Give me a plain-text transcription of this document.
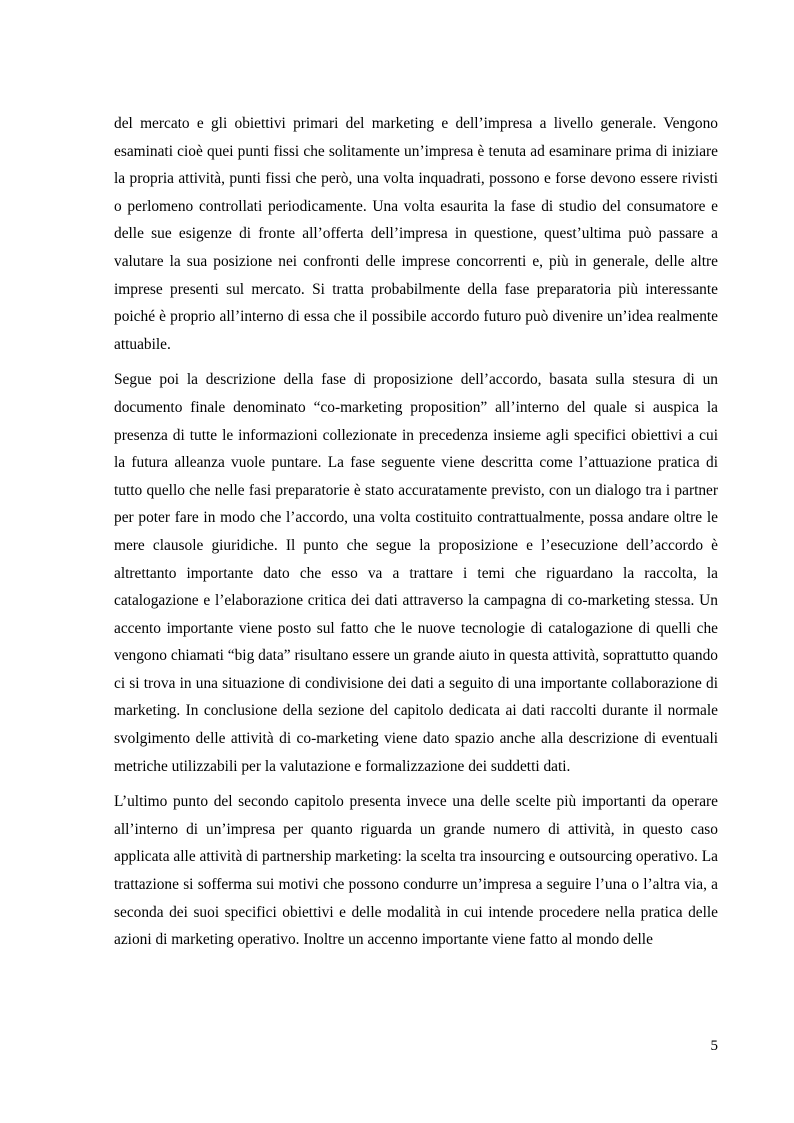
del mercato e gli obiettivi primari del marketing e dell’impresa a livello generale. Vengono esaminati cioè quei punti fissi che solitamente un’impresa è tenuta ad esaminare prima di iniziare la propria attività, punti fissi che però, una volta inquadrati, possono e forse devono essere rivisti o perlomeno controllati periodicamente. Una volta esaurita la fase di studio del consumatore e delle sue esigenze di fronte all’offerta dell’impresa in questione, quest’ultima può passare a valutare la sua posizione nei confronti delle imprese concorrenti e, più in generale, delle altre imprese presenti sul mercato. Si tratta probabilmente della fase preparatoria più interessante poiché è proprio all’interno di essa che il possibile accordo futuro può divenire un’idea realmente attuabile.

Segue poi la descrizione della fase di proposizione dell’accordo, basata sulla stesura di un documento finale denominato “co-marketing proposition” all’interno del quale si auspica la presenza di tutte le informazioni collezionate in precedenza insieme agli specifici obiettivi a cui la futura alleanza vuole puntare. La fase seguente viene descritta come l’attuazione pratica di tutto quello che nelle fasi preparatorie è stato accuratamente previsto, con un dialogo tra i partner per poter fare in modo che l’accordo, una volta costituito contrattualmente, possa andare oltre le mere clausole giuridiche. Il punto che segue la proposizione e l’esecuzione dell’accordo è altrettanto importante dato che esso va a trattare i temi che riguardano la raccolta, la catalogazione e l’elaborazione critica dei dati attraverso la campagna di co-marketing stessa. Un accento importante viene posto sul fatto che le nuove tecnologie di catalogazione di quelli che vengono chiamati “big data” risultano essere un grande aiuto in questa attività, soprattutto quando ci si trova in una situazione di condivisione dei dati a seguito di una importante collaborazione di marketing. In conclusione della sezione del capitolo dedicata ai dati raccolti durante il normale svolgimento delle attività di co-marketing viene dato spazio anche alla descrizione di eventuali metriche utilizzabili per la valutazione e formalizzazione dei suddetti dati.

L’ultimo punto del secondo capitolo presenta invece una delle scelte più importanti da operare all’interno di un’impresa per quanto riguarda un grande numero di attività, in questo caso applicata alle attività di partnership marketing: la scelta tra insourcing e outsourcing operativo. La trattazione si sofferma sui motivi che possono condurre un’impresa a seguire l’una o l’altra via, a seconda dei suoi specifici obiettivi e delle modalità in cui intende procedere nella pratica delle azioni di marketing operativo. Inoltre un accenno importante viene fatto al mondo delle

5
